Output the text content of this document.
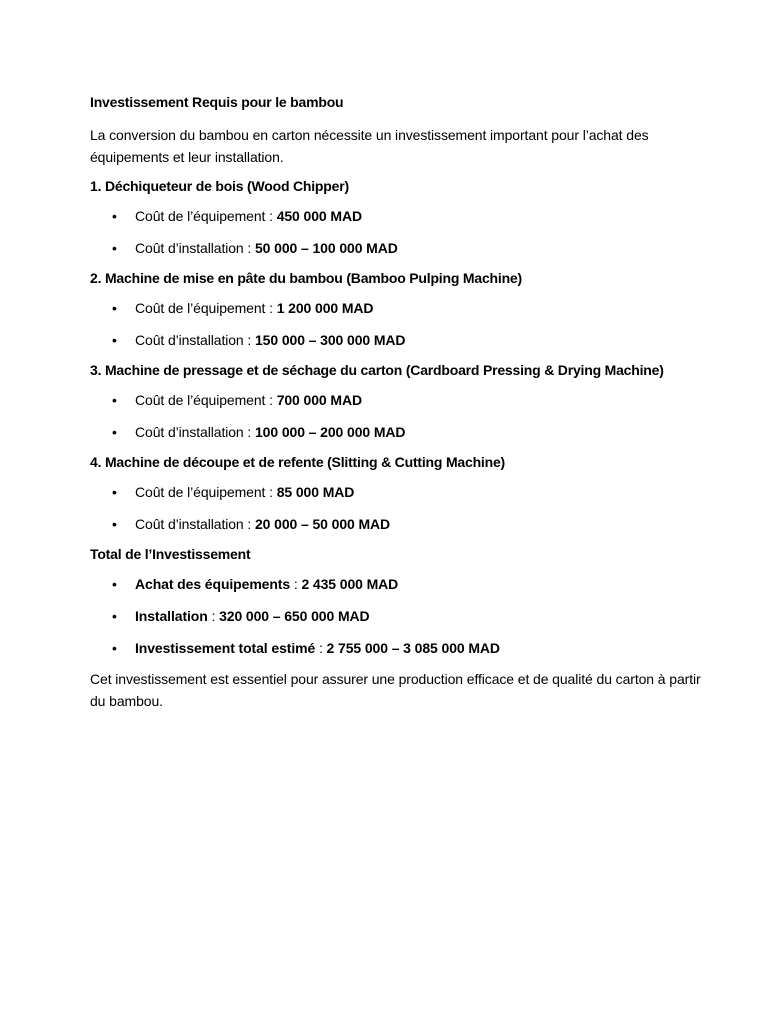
Investissement Requis pour le bambou

La conversion du bambou en carton nécessite un investissement important pour l’achat des équipements et leur installation.

1. Déchiqueteur de bois (Wood Chipper)
• Coût de l’équipement : 450 000 MAD
• Coût d’installation : 50 000 – 100 000 MAD
2. Machine de mise en pâte du bambou (Bamboo Pulping Machine)
• Coût de l’équipement : 1 200 000 MAD
• Coût d’installation : 150 000 – 300 000 MAD
3. Machine de pressage et de séchage du carton (Cardboard Pressing & Drying Machine)
• Coût de l’équipement : 700 000 MAD
• Coût d’installation : 100 000 – 200 000 MAD
4. Machine de découpe et de refente (Slitting & Cutting Machine)
• Coût de l’équipement : 85 000 MAD
• Coût d’installation : 20 000 – 50 000 MAD
Total de l’Investissement
• Achat des équipements : 2 435 000 MAD
• Installation : 320 000 – 650 000 MAD
• Investissement total estimé : 2 755 000 – 3 085 000 MAD

Cet investissement est essentiel pour assurer une production efficace et de qualité du carton à partir du bambou.
